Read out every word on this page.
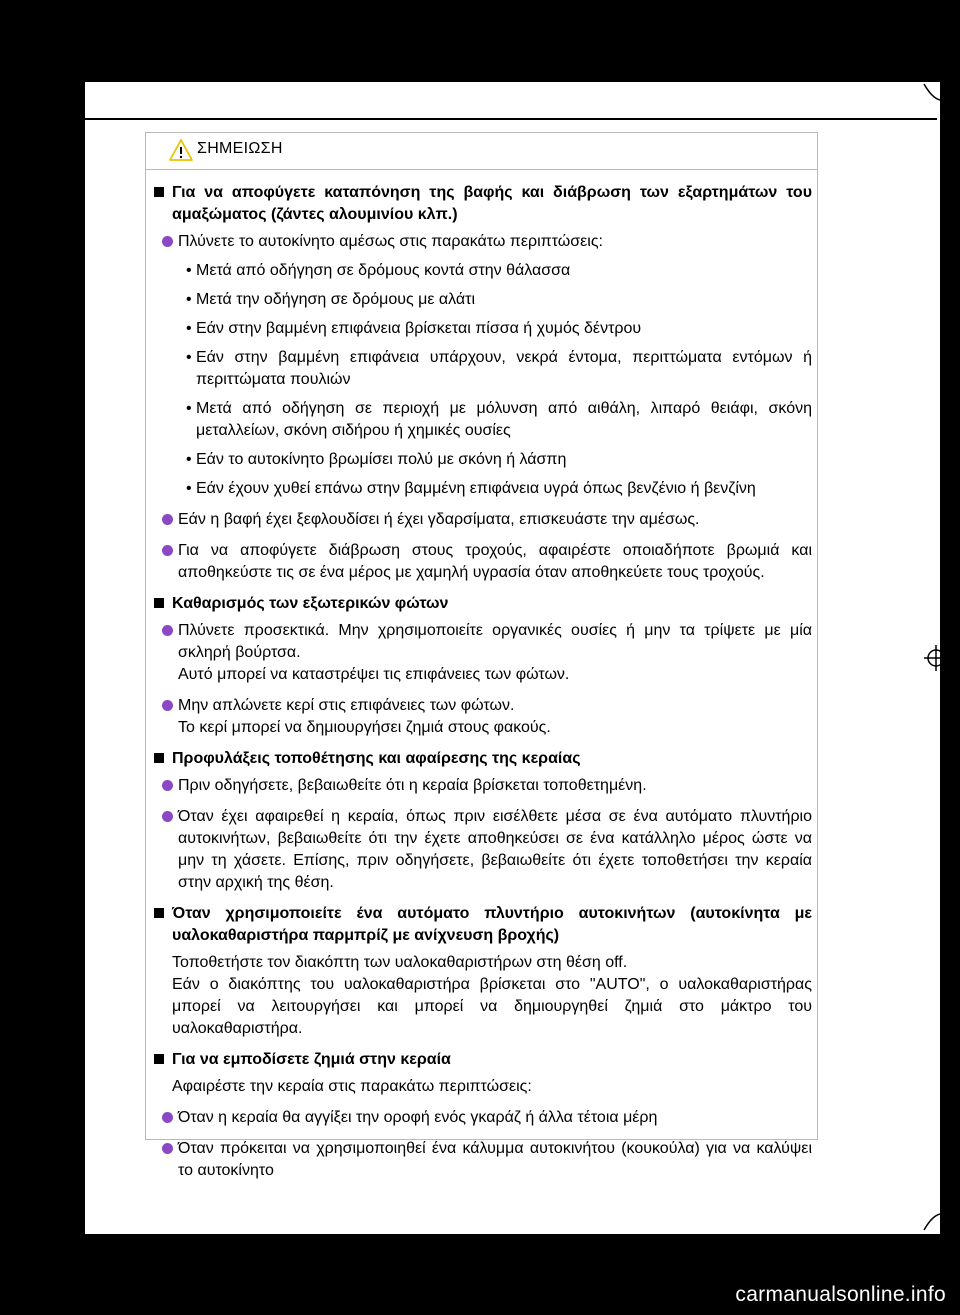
7-1. Συντήρηση και φροντίδα
ΣΗΜΕΙΩΣΗ
Για να αποφύγετε καταπόνηση της βαφής και διάβρωση των εξαρτημάτων του αμαξώματος (ζάντες αλουμινίου κλπ.)
Πλύνετε το αυτοκίνητο αμέσως στις παρακάτω περιπτώσεις:
• Μετά από οδήγηση σε δρόμους κοντά στην θάλασσα
• Μετά την οδήγηση σε δρόμους με αλάτι
• Εάν στην βαμμένη επιφάνεια βρίσκεται πίσσα ή χυμός δέντρου
• Εάν στην βαμμένη επιφάνεια υπάρχουν, νεκρά έντομα, περιττώματα εντόμων ή περιττώματα πουλιών
• Μετά από οδήγηση σε περιοχή με μόλυνση από αιθάλη, λιπαρό θειάφι, σκόνη μεταλλείων, σκόνη σιδήρου ή χημικές ουσίες
• Εάν το αυτοκίνητο βρωμίσει πολύ με σκόνη ή λάσπη
• Εάν έχουν χυθεί επάνω στην βαμμένη επιφάνεια υγρά όπως βενζένιο ή βενζίνη
Εάν η βαφή έχει ξεφλουδίσει ή έχει γδαρσίματα, επισκευάστε την αμέσως.
Για να αποφύγετε διάβρωση στους τροχούς, αφαιρέστε οποιαδήποτε βρωμιά και αποθηκεύστε τις σε ένα μέρος με χαμηλή υγρασία όταν αποθηκεύετε τους τροχούς.
Καθαρισμός των εξωτερικών φώτων
Πλύνετε προσεκτικά. Μην χρησιμοποιείτε οργανικές ουσίες ή μην τα τρίψετε με μία σκληρή βούρτσα.
Αυτό μπορεί να καταστρέψει τις επιφάνειες των φώτων.
Μην απλώνετε κερί στις επιφάνειες των φώτων.
Το κερί μπορεί να δημιουργήσει ζημιά στους φακούς.
Προφυλάξεις τοποθέτησης και αφαίρεσης της κεραίας
Πριν οδηγήσετε, βεβαιωθείτε ότι η κεραία βρίσκεται τοποθετημένη.
Όταν έχει αφαιρεθεί η κεραία, όπως πριν εισέλθετε μέσα σε ένα αυτόματο πλυντήριο αυτοκινήτων, βεβαιωθείτε ότι την έχετε αποθηκεύσει σε ένα κατάλληλο μέρος ώστε να μην τη χάσετε. Επίσης, πριν οδηγήσετε, βεβαιωθείτε ότι έχετε τοποθετήσει την κεραία στην αρχική της θέση.
Όταν χρησιμοποιείτε ένα αυτόματο πλυντήριο αυτοκινήτων (αυτοκίνητα με υαλοκαθαριστήρα παρμπρίζ με ανίχνευση βροχής)
Τοποθετήστε τον διακόπτη των υαλοκαθαριστήρων στη θέση off.
Εάν ο διακόπτης του υαλοκαθαριστήρα βρίσκεται στο "AUTO", ο υαλοκαθαριστήρας μπορεί να λειτουργήσει και μπορεί να δημιουργηθεί ζημιά στο μάκτρο του υαλοκαθαριστήρα.
Για να εμποδίσετε ζημιά στην κεραία
Αφαιρέστε την κεραία στις παρακάτω περιπτώσεις:
Όταν η κεραία θα αγγίξει την οροφή ενός γκαράζ ή άλλα τέτοια μέρη
Όταν πρόκειται να χρησιμοποιηθεί ένα κάλυμμα αυτοκινήτου (κουκούλα) για να καλύψει το αυτοκίνητο
carmanualsonline.info
